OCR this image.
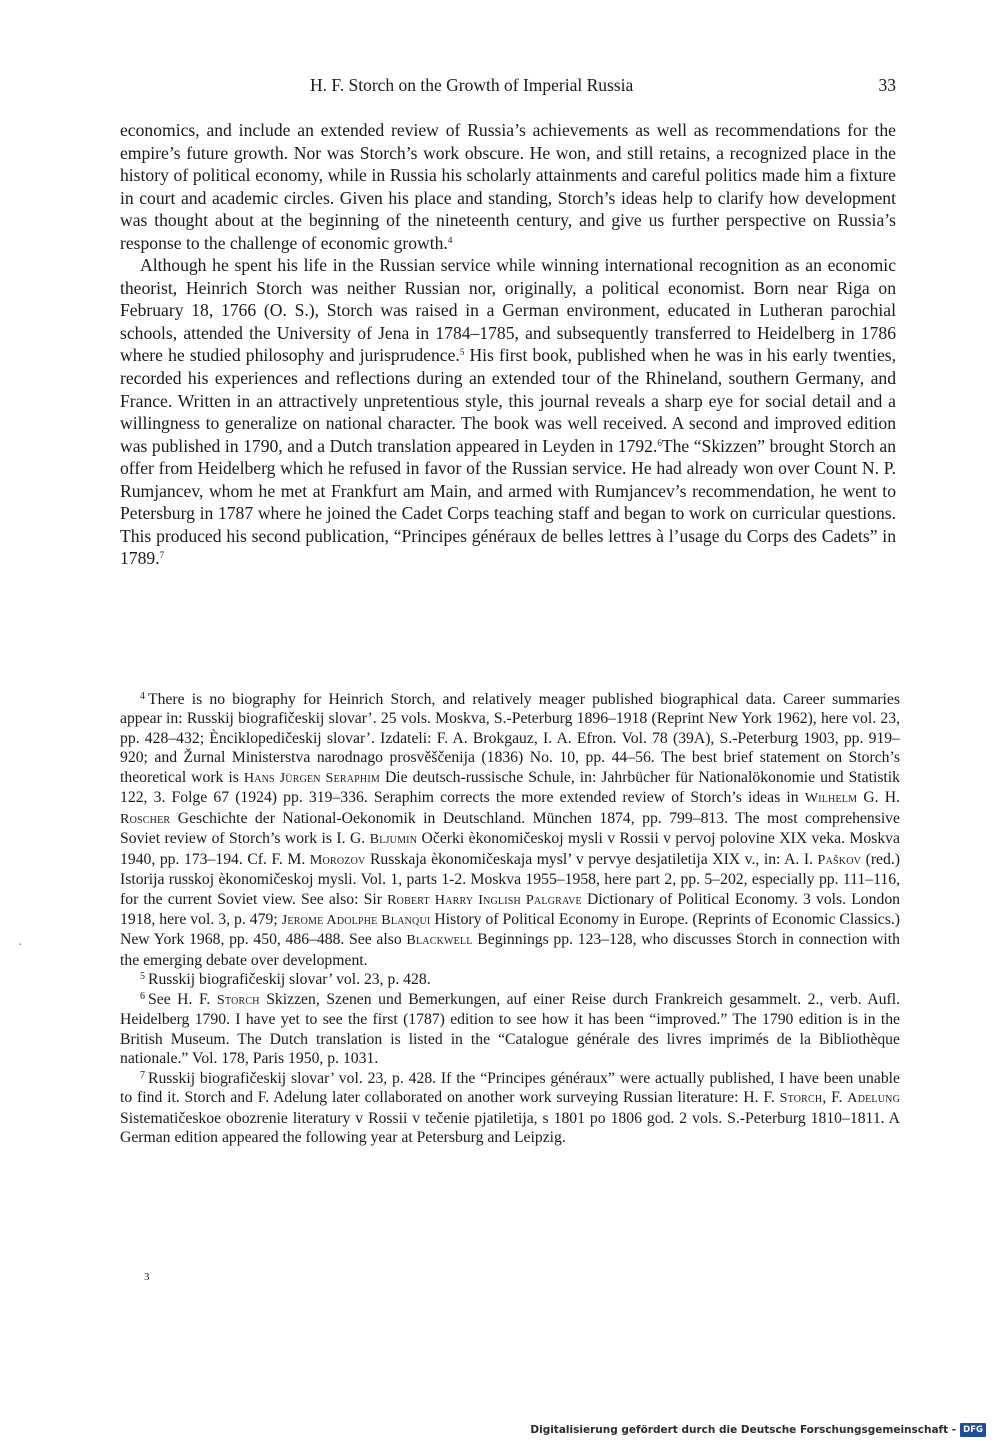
H. F. Storch on the Growth of Imperial Russia	33

economics, and include an extended review of Russia’s achievements as well as recommendations for the empire’s future growth. Nor was Storch’s work obscure. He won, and still retains, a recognized place in the history of political economy, while in Russia his scholarly attainments and careful politics made him a fixture in court and academic circles. Given his place and standing, Storch’s ideas help to clarify how development was thought about at the beginning of the nineteenth century, and give us further perspective on Russia’s response to the challenge of economic growth.$^4$

Although he spent his life in the Russian service while winning international recognition as an economic theorist, Heinrich Storch was neither Russian nor, originally, a political economist. Born near Riga on February 18, 1766 (O. S.), Storch was raised in a German environment, educated in Lutheran parochial schools, attended the University of Jena in 1784–1785, and subsequently transferred to Heidelberg in 1786 where he studied philosophy and jurisprudence.$^5$ His first book, published when he was in his early twenties, recorded his experiences and reflections during an extended tour of the Rhineland, southern Germany, and France. Written in an attractively unpretentious style, this journal reveals a sharp eye for social detail and a willingness to generalize on national character. The book was well received. A second and improved edition was published in 1790, and a Dutch translation appeared in Leyden in 1792.$^6$The “Skizzen” brought Storch an offer from Heidelberg which he refused in favor of the Russian service. He had already won over Count N. P. Rumjancev, whom he met at Frankfurt am Main, and armed with Rumjancev’s recommendation, he went to Petersburg in 1787 where he joined the Cadet Corps teaching staff and began to work on curricular questions. This produced his second publication, “Principes généraux de belles lettres à l’usage du Corps des Cadets” in 1789.$^7$

$^4$ There is no biography for Heinrich Storch, and relatively meager published biographical data. Career summaries appear in: Russkij biografičeskij slovar’. 25 vols. Moskva, S.-Peterburg 1896–1918 (Reprint New York 1962), here vol. 23, pp. 428–432; Ènciklopedičeskij slovar’. Izdateli: F. A. Brokgauz, I. A. Efron. Vol. 78 (39A), S.-Peterburg 1903, pp. 919–920; and Žurnal Ministerstva narodnago prosvěščenija (1836) No. 10, pp. 44–56. The best brief statement on Storch’s theoretical work is Hans Jürgen Seraphim Die deutsch-russische Schule, in: Jahrbücher für Nationalökonomie und Statistik 122, 3. Folge 67 (1924) pp. 319–336. Seraphim corrects the more extended review of Storch’s ideas in Wilhelm G. H. Roscher Geschichte der National-Oekonomik in Deutschland. München 1874, pp. 799–813. The most comprehensive Soviet review of Storch’s work is I. G. Bljumin Očerki èkonomičeskoj mysli v Rossii v pervoj polovine XIX veka. Moskva 1940, pp. 173–194. Cf. F. M. Morozov Russkaja èkonomičeskaja mysl’ v pervye desjatiletija XIX v., in: A. I. Paškov (red.) Istorija russkoj èkonomičeskoj mysli. Vol. 1, parts 1-2. Moskva 1955–1958, here part 2, pp. 5–202, especially pp. 111–116, for the current Soviet view. See also: Sir Robert Harry Inglish Palgrave Dictionary of Political Economy. 3 vols. London 1918, here vol. 3, p. 479; Jerome Adolphe Blanqui History of Political Economy in Europe. (Reprints of Economic Classics.) New York 1968, pp. 450, 486–488. See also Blackwell Beginnings pp. 123–128, who discusses Storch in connection with the emerging debate over development.

$^5$ Russkij biografičeskij slovar’ vol. 23, p. 428.

$^6$ See H. F. Storch Skizzen, Szenen und Bemerkungen, auf einer Reise durch Frankreich gesammelt. 2., verb. Aufl. Heidelberg 1790. I have yet to see the first (1787) edition to see how it has been “improved.” The 1790 edition is in the British Museum. The Dutch translation is listed in the “Catalogue générale des livres imprimés de la Bibliothèque nationale.” Vol. 178, Paris 1950, p. 1031.

$^7$ Russkij biografičeskij slovar’ vol. 23, p. 428. If the “Principes généraux” were actually published, I have been unable to find it. Storch and F. Adelung later collaborated on another work surveying Russian literature: H. F. Storch, F. Adelung Sistematičeskoe obozrenie literatury v Rossii v tečenie pjatiletija, s 1801 po 1806 god. 2 vols. S.-Peterburg 1810–1811. A German edition appeared the following year at Petersburg and Leipzig.

3
·
Digitalisierung gefördert durch die Deutsche Forschungsgemeinschaft - DFG
